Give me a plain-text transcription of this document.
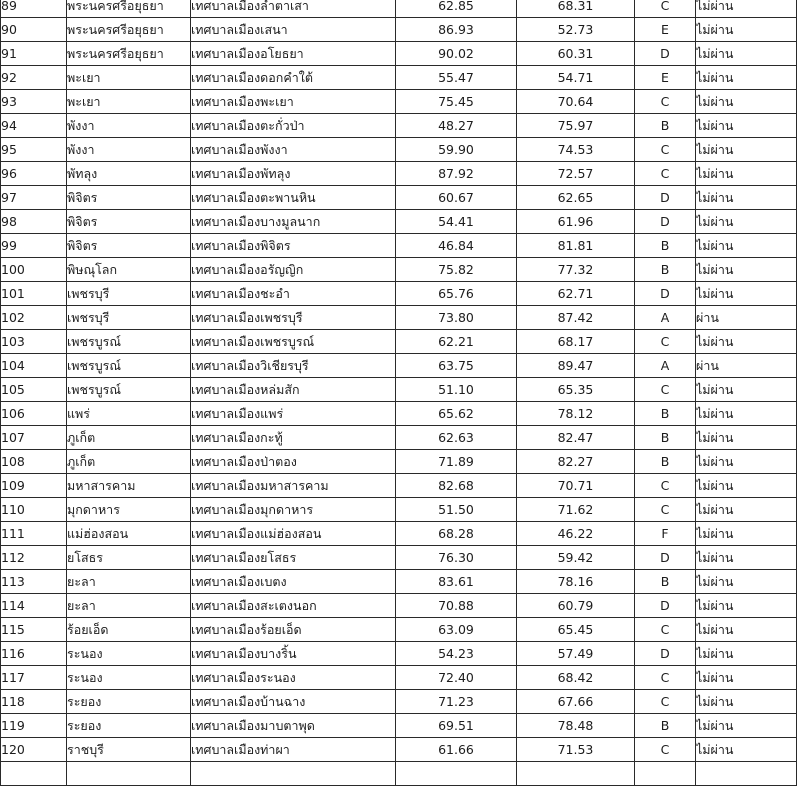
89	พระนครศรีอยุธยา	เทศบาลเมืองลำตาเสา	62.85	68.31	C	ไม่ผ่าน
90	พระนครศรีอยุธยา	เทศบาลเมืองเสนา	86.93	52.73	E	ไม่ผ่าน
91	พระนครศรีอยุธยา	เทศบาลเมืองอโยธยา	90.02	60.31	D	ไม่ผ่าน
92	พะเยา	เทศบาลเมืองดอกคำใต้	55.47	54.71	E	ไม่ผ่าน
93	พะเยา	เทศบาลเมืองพะเยา	75.45	70.64	C	ไม่ผ่าน
94	พังงา	เทศบาลเมืองตะกั่วป่า	48.27	75.97	B	ไม่ผ่าน
95	พังงา	เทศบาลเมืองพังงา	59.90	74.53	C	ไม่ผ่าน
96	พัทลุง	เทศบาลเมืองพัทลุง	87.92	72.57	C	ไม่ผ่าน
97	พิจิตร	เทศบาลเมืองตะพานหิน	60.67	62.65	D	ไม่ผ่าน
98	พิจิตร	เทศบาลเมืองบางมูลนาก	54.41	61.96	D	ไม่ผ่าน
99	พิจิตร	เทศบาลเมืองพิจิตร	46.84	81.81	B	ไม่ผ่าน
100	พิษณุโลก	เทศบาลเมืองอรัญญิก	75.82	77.32	B	ไม่ผ่าน
101	เพชรบุรี	เทศบาลเมืองชะอำ	65.76	62.71	D	ไม่ผ่าน
102	เพชรบุรี	เทศบาลเมืองเพชรบุรี	73.80	87.42	A	ผ่าน
103	เพชรบูรณ์	เทศบาลเมืองเพชรบูรณ์	62.21	68.17	C	ไม่ผ่าน
104	เพชรบูรณ์	เทศบาลเมืองวิเชียรบุรี	63.75	89.47	A	ผ่าน
105	เพชรบูรณ์	เทศบาลเมืองหล่มสัก	51.10	65.35	C	ไม่ผ่าน
106	แพร่	เทศบาลเมืองแพร่	65.62	78.12	B	ไม่ผ่าน
107	ภูเก็ต	เทศบาลเมืองกะทู้	62.63	82.47	B	ไม่ผ่าน
108	ภูเก็ต	เทศบาลเมืองป่าตอง	71.89	82.27	B	ไม่ผ่าน
109	มหาสารคาม	เทศบาลเมืองมหาสารคาม	82.68	70.71	C	ไม่ผ่าน
110	มุกดาหาร	เทศบาลเมืองมุกดาหาร	51.50	71.62	C	ไม่ผ่าน
111	แม่ฮ่องสอน	เทศบาลเมืองแม่ฮ่องสอน	68.28	46.22	F	ไม่ผ่าน
112	ยโสธร	เทศบาลเมืองยโสธร	76.30	59.42	D	ไม่ผ่าน
113	ยะลา	เทศบาลเมืองเบตง	83.61	78.16	B	ไม่ผ่าน
114	ยะลา	เทศบาลเมืองสะเตงนอก	70.88	60.79	D	ไม่ผ่าน
115	ร้อยเอ็ด	เทศบาลเมืองร้อยเอ็ด	63.09	65.45	C	ไม่ผ่าน
116	ระนอง	เทศบาลเมืองบางริ้น	54.23	57.49	D	ไม่ผ่าน
117	ระนอง	เทศบาลเมืองระนอง	72.40	68.42	C	ไม่ผ่าน
118	ระยอง	เทศบาลเมืองบ้านฉาง	71.23	67.66	C	ไม่ผ่าน
119	ระยอง	เทศบาลเมืองมาบตาพุด	69.51	78.48	B	ไม่ผ่าน
120	ราชบุรี	เทศบาลเมืองท่าผา	61.66	71.53	C	ไม่ผ่าน
